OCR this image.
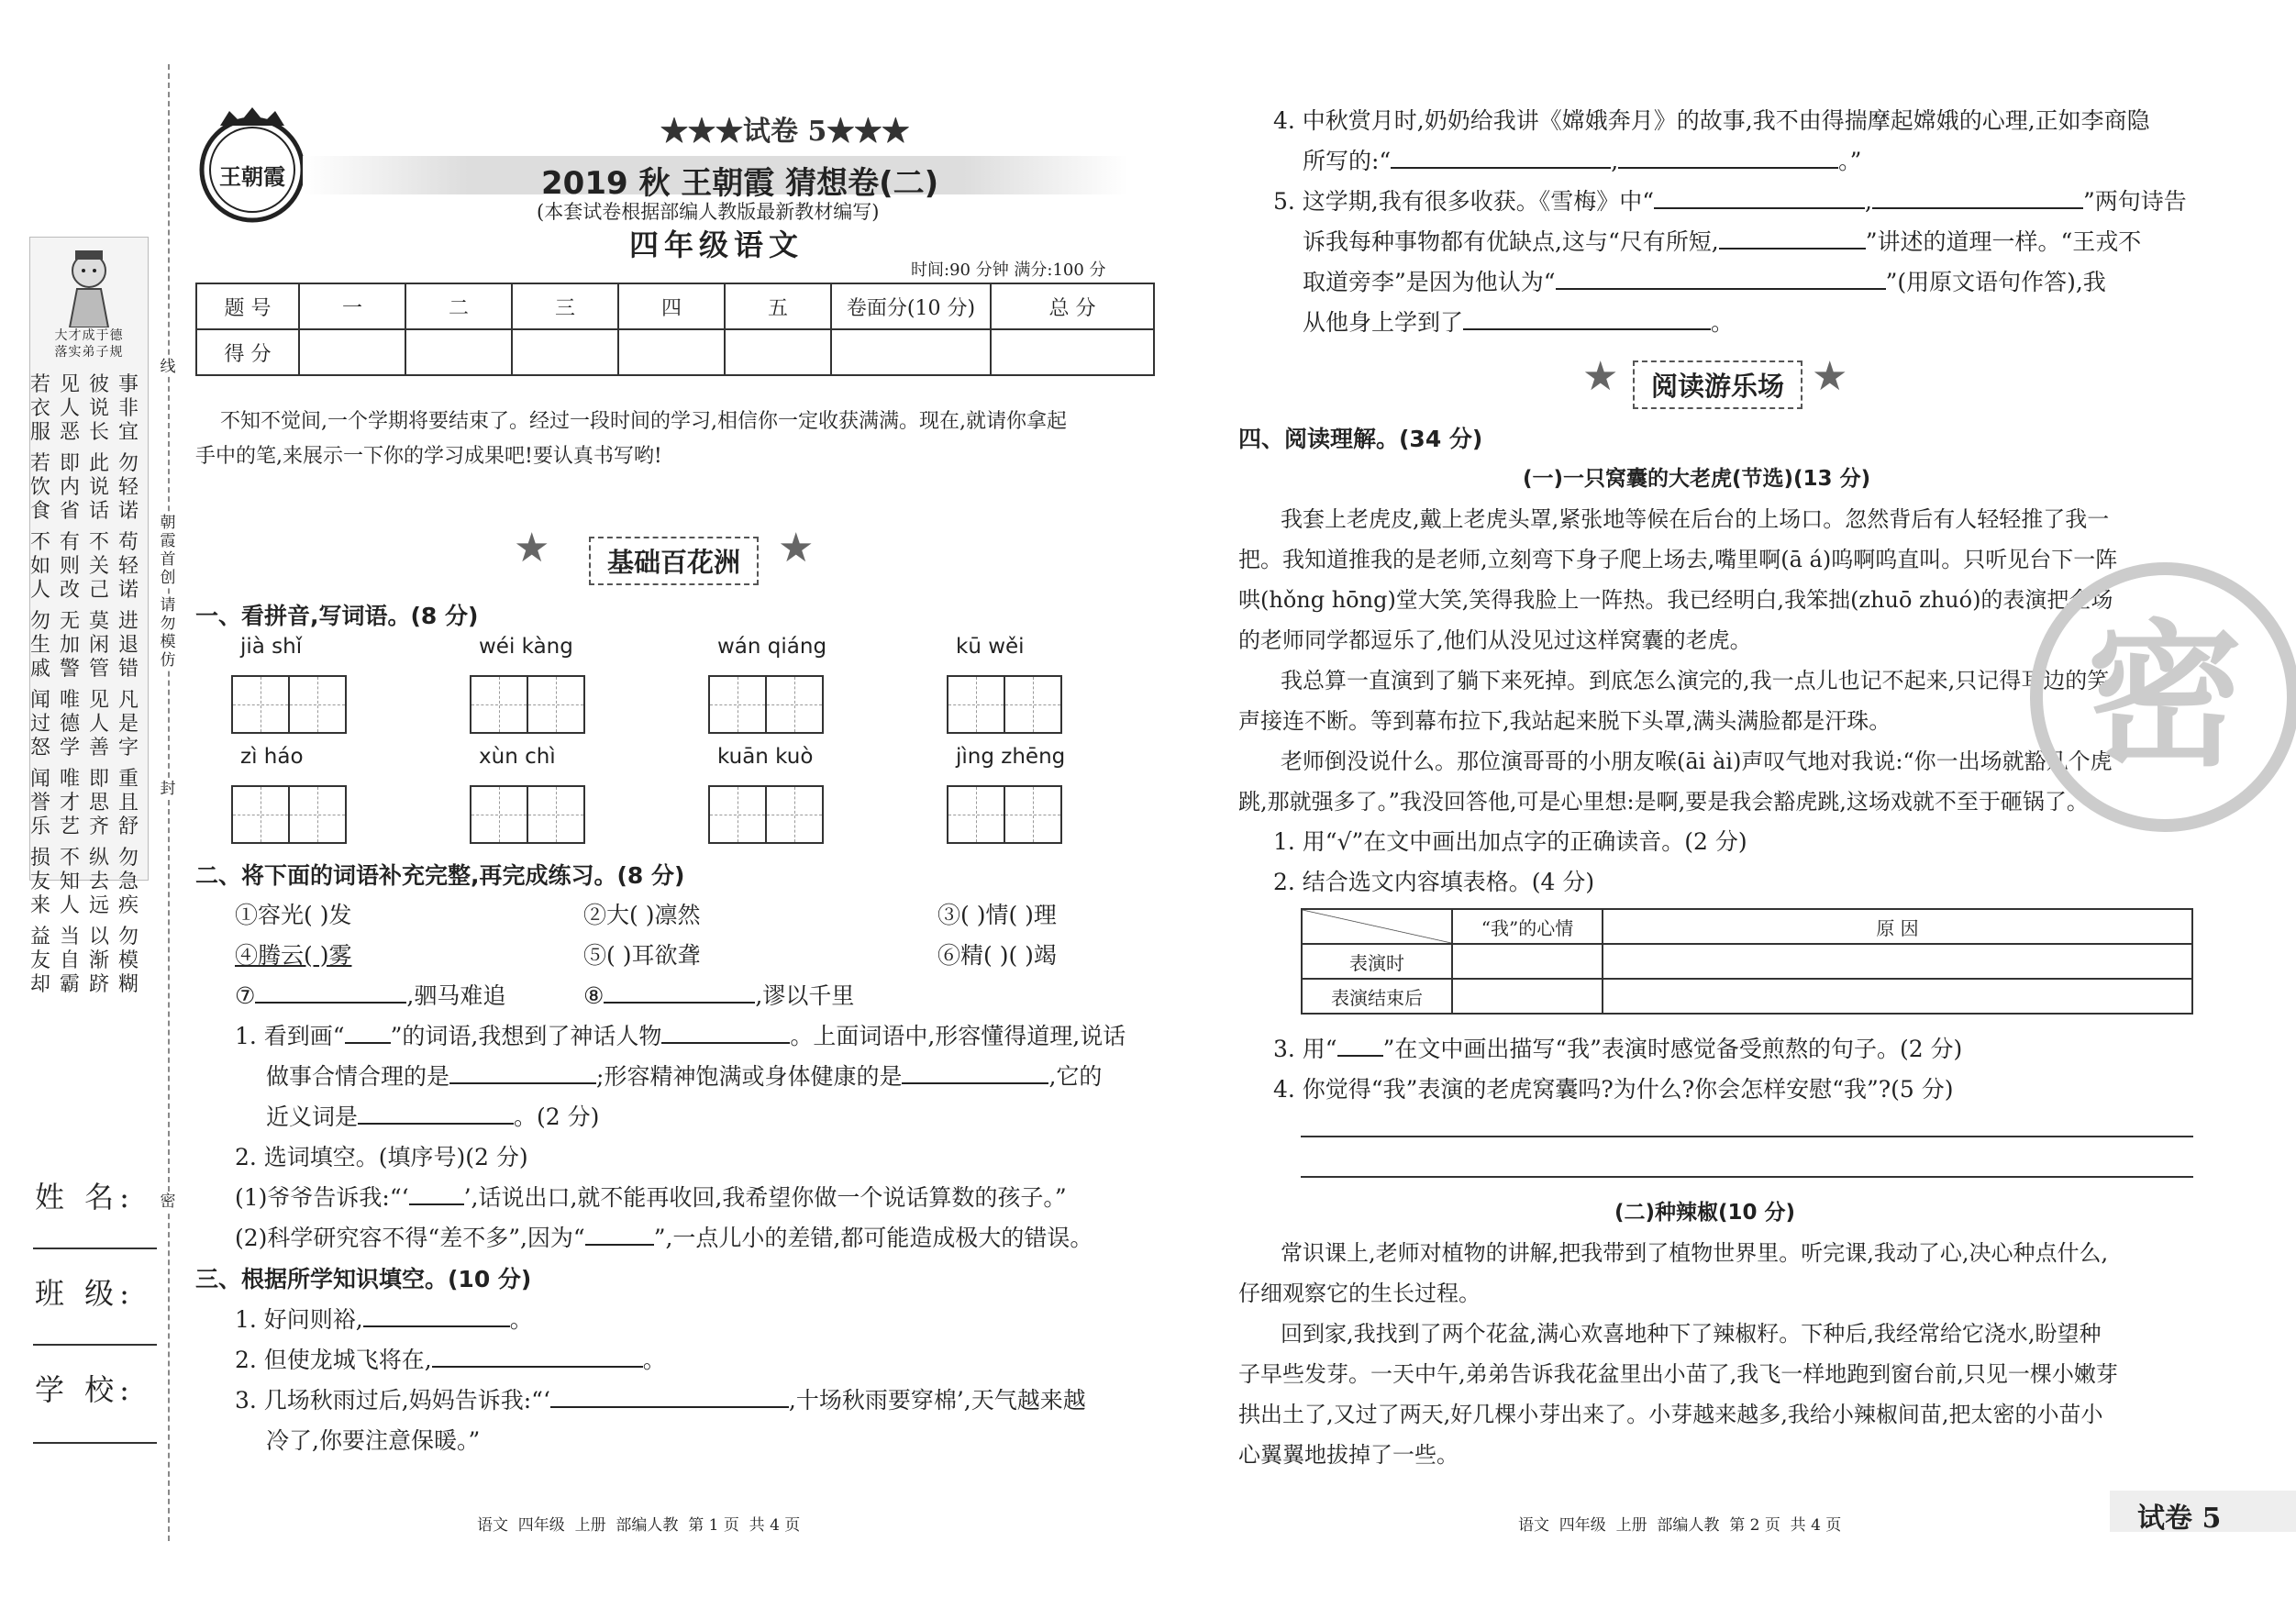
大才成于德
落实弟子规
若见彼事
衣人说非
服恶长宜
若即此勿
饮内说轻
食省话诺
不有不苟
如则关轻
人改己诺
勿无莫进
生加闲退
戚警管错
闻唯见凡
过德人是
怒学善字
闻唯即重
誉才思且
乐艺齐舒
损不纵勿
友知去急
来人远疾
益当以勿
友自渐模
却霸跻糊
姓 名:
班 级:
学 校:
线
朝霞首创
请勿模仿
封
密
王朝霞
★★★试卷 5★★★
2019 秋 王朝霞 猜想卷(二)
(本套试卷根据部编人教版最新教材编写)
四年级语文
时间:90 分钟 满分:100 分
题 号	一	二	三	四	五	卷面分(10 分)	总 分
得 分							
不知不觉间,一个学期将要结束了。经过一段时间的学习,相信你一定收获满满。现在,就请你拿起
手中的笔,来展示一下你的学习成果吧!要认真书写哟!
★	基础百花洲 ★
一、看拼音,写词语。(8 分)
jià shǐ	wéi kàng	wán qiáng	kū wěi
zì háo	xùn chì	kuān kuò	jìng zhēng
二、将下面的词语补充完整,再完成练习。(8 分)
①容光( )发	②大( )凛然	③( )情( )理
④腾云( )雾	⑤( )耳欲聋	⑥精( )( )竭
⑦	,驷马难追	⑧	,谬以千里
1. 看到画“ ”的词语,我想到了神话人物	。上面词语中,形容懂得道理,说话
做事合情合理的是	;形容精神饱满或身体健康的是	,它的
近义词是	。(2 分)
2. 选词填空。(填序号)(2 分)
(1)爷爷告诉我:“‘ ’,话说出口,就不能再收回,我希望你做一个说话算数的孩子。”
(2)科学研究容不得“差不多”,因为“	”,一点儿小的差错,都可能造成极大的错误。
三、根据所学知识填空。(10 分)
1. 好问则裕,	。
2. 但使龙城飞将在,	。
3. 几场秋雨过后,妈妈告诉我:“‘	,十场秋雨要穿棉’,天气越来越
冷了,你要注意保暖。”
语文  四年级  上册  部编人教  第 1 页  共 4 页
4. 中秋赏月时,奶奶给我讲《嫦娥奔月》的故事,我不由得揣摩起嫦娥的心理,正如李商隐
所写的:“	,	。”
5. 这学期,我有很多收获。《雪梅》中“	,	”两句诗告
诉我每种事物都有优缺点,这与“尺有所短,	”讲述的道理一样。“王戎不
取道旁李”是因为他认为“	”(用原文语句作答),我
从他身上学到了	。
★	阅读游乐场 ★
四、阅读理解。(34 分)
(一)一只窝囊的大老虎(节选)(13 分)
我套上老虎皮,戴上老虎头罩,紧张地等候在后台的上场口。忽然背后有人轻轻推了我一
把。我知道推我的是老师,立刻弯下身子爬上场去,嘴里啊(ā á)呜啊呜直叫。只听见台下一阵
哄(hǒng hōng)堂大笑,笑得我脸上一阵热。我已经明白,我笨拙(zhuō zhuó)的表演把全场
的老师同学都逗乐了,他们从没见过这样窝囊的老虎。
我总算一直演到了躺下来死掉。到底怎么演完的,我一点儿也记不起来,只记得耳边的笑
声接连不断。等到幕布拉下,我站起来脱下头罩,满头满脸都是汗珠。
老师倒没说什么。那位演哥哥的小朋友喉(āi ài)声叹气地对我说:“你一出场就豁几个虎
跳,那就强多了。”我没回答他,可是心里想:是啊,要是我会豁虎跳,这场戏就不至于砸锅了。
1. 用“√”在文中画出加点字的正确读音。(2 分)
2. 结合选文内容填表格。(4 分)
	“我”的心情	原 因
表演时		
表演结束后		
3. 用“ ”在文中画出描写“我”表演时感觉备受煎熬的句子。(2 分)
4. 你觉得“我”表演的老虎窝囊吗?为什么?你会怎样安慰“我”?(5 分)
(二)种辣椒(10 分)
常识课上,老师对植物的讲解,把我带到了植物世界里。听完课,我动了心,决心种点什么,
仔细观察它的生长过程。
回到家,我找到了两个花盆,满心欢喜地种下了辣椒籽。下种后,我经常给它浇水,盼望种
子早些发芽。一天中午,弟弟告诉我花盆里出小苗了,我飞一样地跑到窗台前,只见一棵小嫩芽
拱出土了,又过了两天,好几棵小芽出来了。小芽越来越多,我给小辣椒间苗,把太密的小苗小
心翼翼地拔掉了一些。
密
语文  四年级  上册  部编人教  第 2 页  共 4 页	试卷 5
